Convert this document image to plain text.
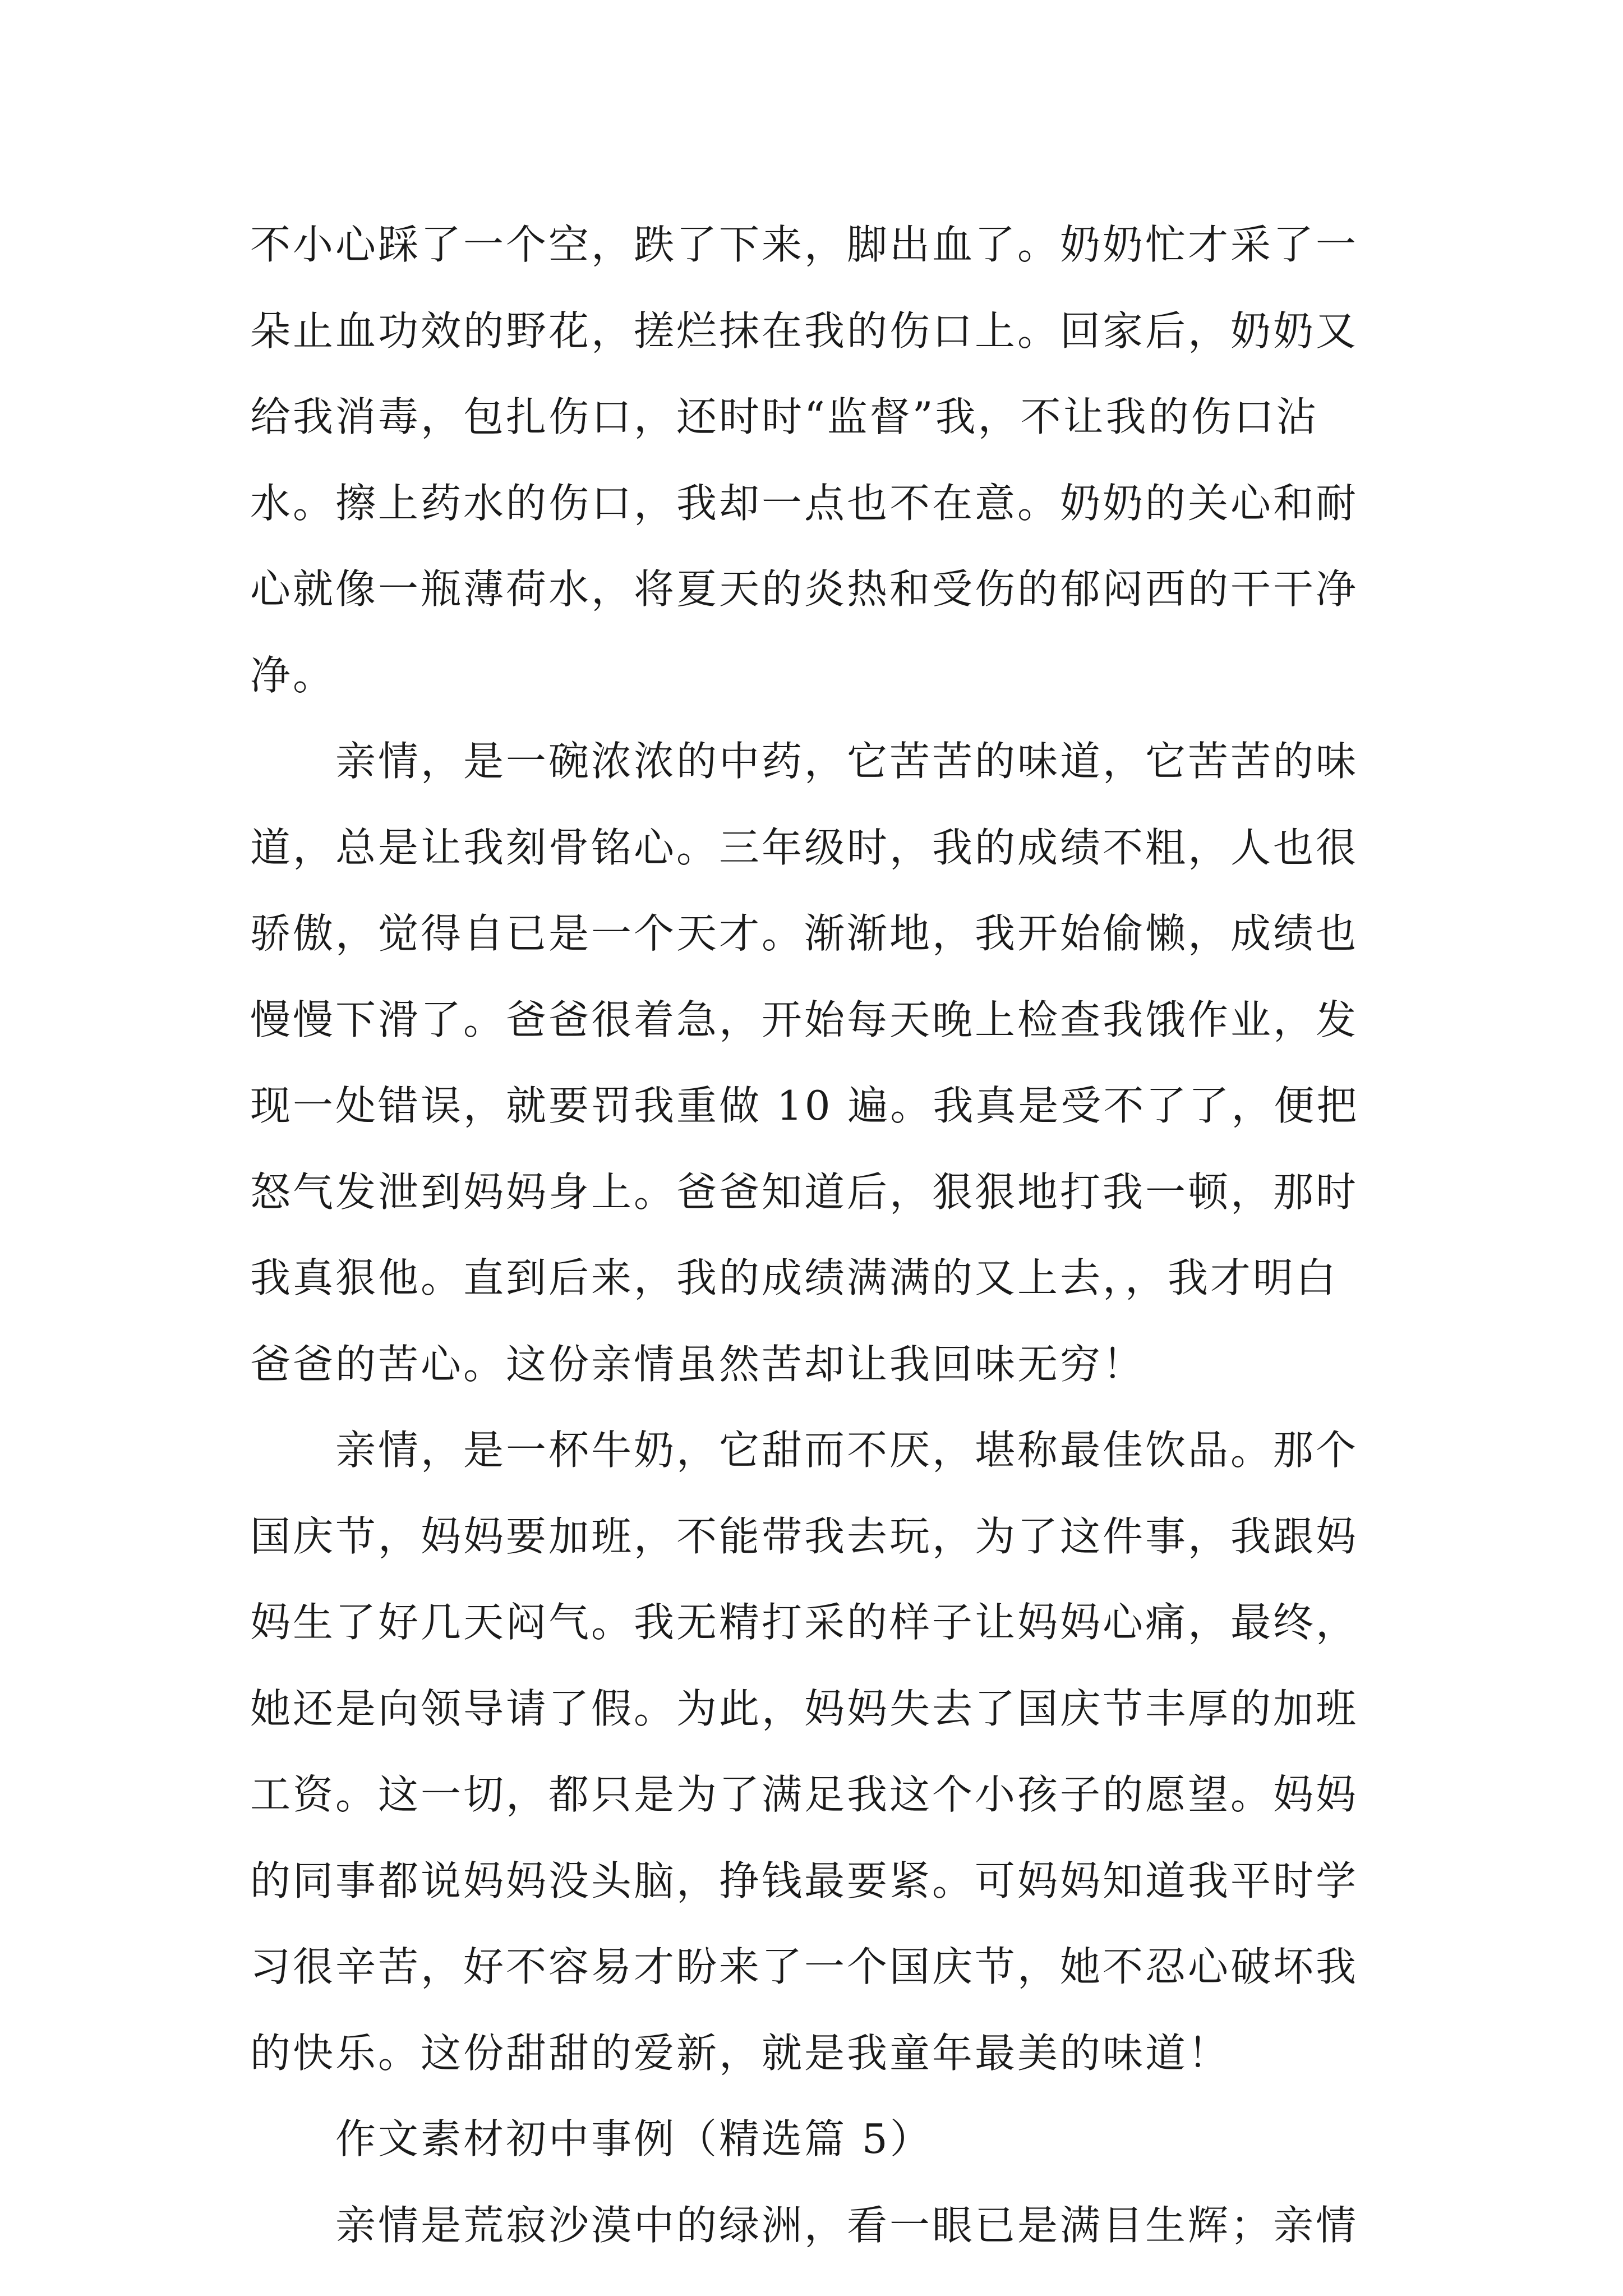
不小心踩了一个空，跌了下来，脚出血了。奶奶忙才采了一
朵止血功效的野花，搓烂抹在我的伤口上。回家后，奶奶又
给我消毒，包扎伤口，还时时“监督”我，不让我的伤口沾
水。擦上药水的伤口，我却一点也不在意。奶奶的关心和耐
心就像一瓶薄荷水，将夏天的炎热和受伤的郁闷西的干干净
净。
亲情，是一碗浓浓的中药，它苦苦的味道，它苦苦的味
道，总是让我刻骨铭心。三年级时，我的成绩不粗，人也很
骄傲，觉得自已是一个天才。渐渐地，我开始偷懒，成绩也
慢慢下滑了。爸爸很着急，开始每天晚上检查我饿作业，发
现一处错误，就要罚我重做 10 遍。我真是受不了了，便把
怒气发泄到妈妈身上。爸爸知道后，狠狠地打我一顿，那时
我真狠他。直到后来，我的成绩满满的又上去，，我才明白
爸爸的苦心。这份亲情虽然苦却让我回味无穷！
亲情，是一杯牛奶，它甜而不厌，堪称最佳饮品。那个
国庆节，妈妈要加班，不能带我去玩，为了这件事，我跟妈
妈生了好几天闷气。我无精打采的样子让妈妈心痛，最终，
她还是向领导请了假。为此，妈妈失去了国庆节丰厚的加班
工资。这一切，都只是为了满足我这个小孩子的愿望。妈妈
的同事都说妈妈没头脑，挣钱最要紧。可妈妈知道我平时学
习很辛苦，好不容易才盼来了一个国庆节，她不忍心破坏我
的快乐。这份甜甜的爱新，就是我童年最美的味道！
作文素材初中事例（精选篇 5）
亲情是荒寂沙漠中的绿洲，看一眼已是满目生辉；亲情
